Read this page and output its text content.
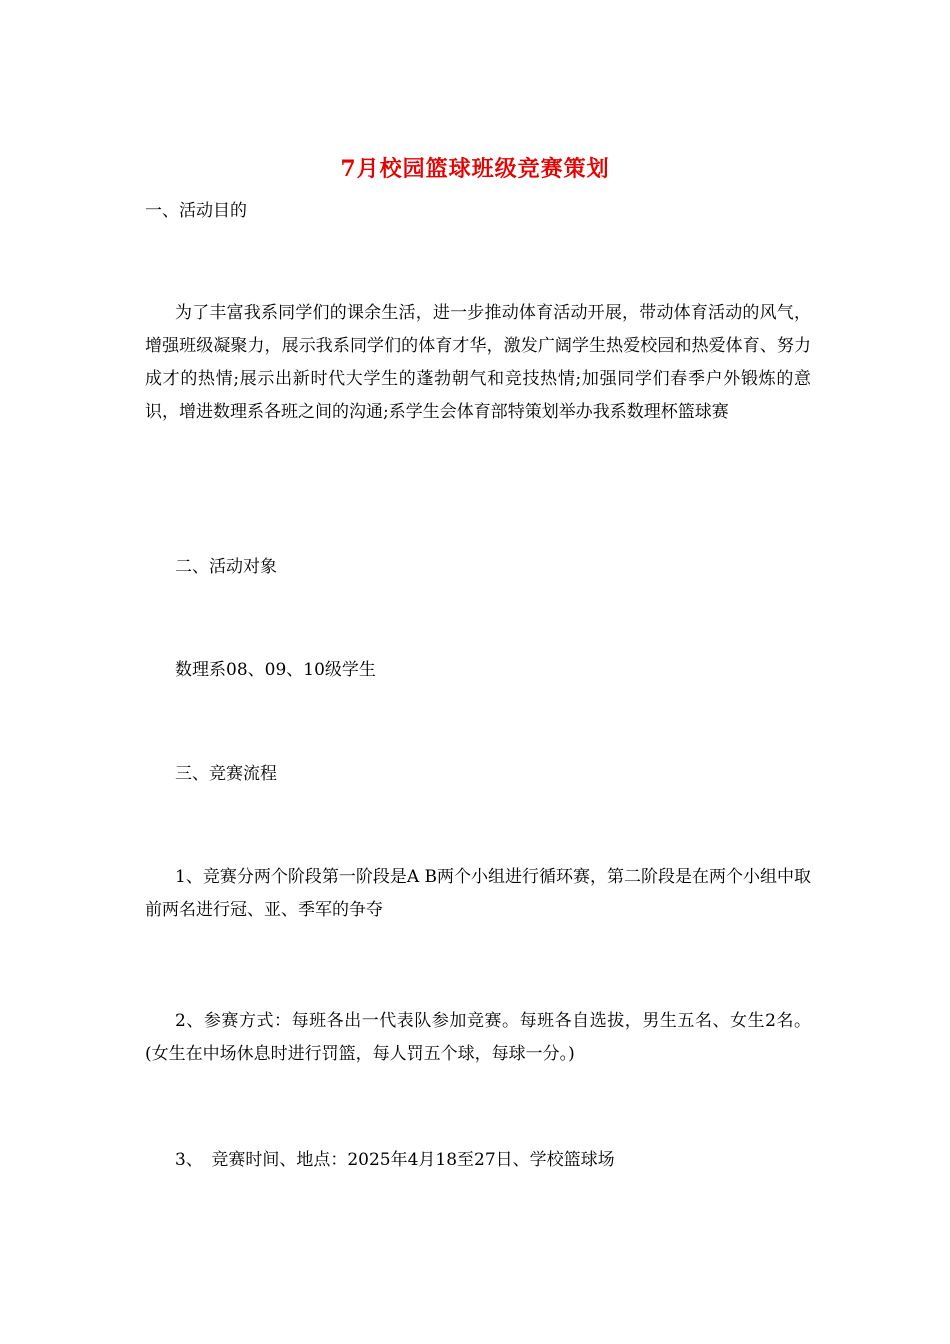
7月校园篮球班级竞赛策划
一、活动目的
为了丰富我系同学们的课余生活，进一步推动体育活动开展，带动体育活动的风气，增强班级凝聚力，展示我系同学们的体育才华，激发广阔学生热爱校园和热爱体育、努力成才的热情;展示出新时代大学生的蓬勃朝气和竞技热情;加强同学们春季户外锻炼的意识，增进数理系各班之间的沟通;系学生会体育部特策划举办我系数理杯篮球赛
二、活动对象
数理系08、09、10级学生
三、竞赛流程
1、竞赛分两个阶段第一阶段是A B两个小组进行循环赛，第二阶段是在两个小组中取前两名进行冠、亚、季军的争夺
2、参赛方式：每班各出一代表队参加竞赛。每班各自选拔，男生五名、女生2名。(女生在中场休息时进行罚篮，每人罚五个球，每球一分。)
3、　竞赛时间、地点：2025年4月18至27日、学校篮球场
